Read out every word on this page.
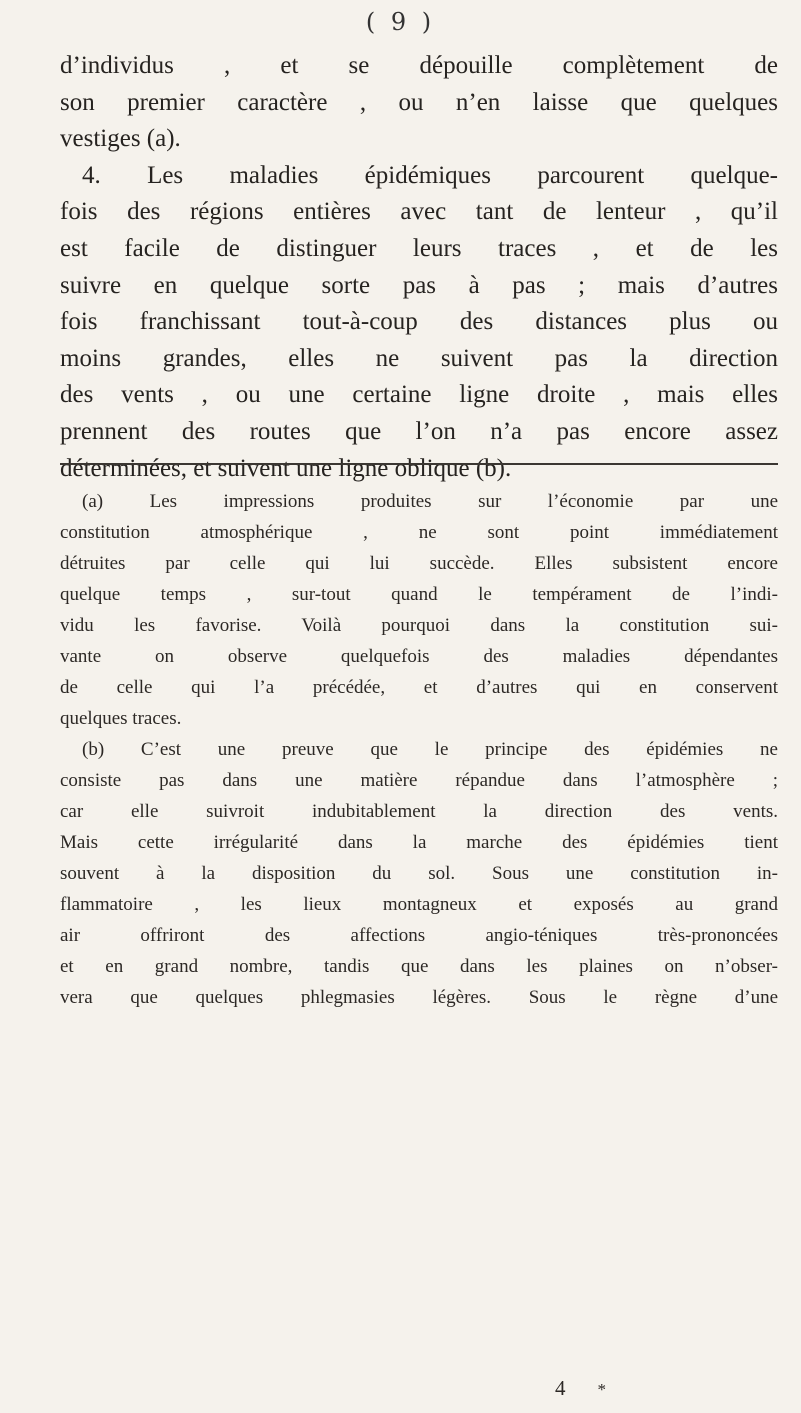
( 9 )
d’individus , et se dépouille complètement de
son premier caractère , ou n’en laisse que quelques
vestiges (a).
4. Les maladies épidémiques parcourent quelque-
fois des régions entières avec tant de lenteur , qu’il
est facile de distinguer leurs traces , et de les
suivre en quelque sorte pas à pas ; mais d’autres
fois franchissant tout-à-coup des distances plus ou
moins grandes, elles ne suivent pas la direction
des vents , ou une certaine ligne droite , mais elles
prennent des routes que l’on n’a pas encore assez
déterminées, et suivent une ligne oblique (b).
(a) Les impressions produites sur l’économie par une
constitution atmosphérique , ne sont point immédiatement
détruites par celle qui lui succède. Elles subsistent encore
quelque temps , sur-tout quand le tempérament de l’indi-
vidu les favorise. Voilà pourquoi dans la constitution sui-
vante on observe quelquefois des maladies dépendantes
de celle qui l’a précédée, et d’autres qui en conservent
quelques traces.
(b) C’est une preuve que le principe des épidémies ne
consiste pas dans une matière répandue dans l’atmosphère ;
car elle suivroit indubitablement la direction des vents.
Mais cette irrégularité dans la marche des épidémies tient
souvent à la disposition du sol. Sous une constitution in-
flammatoire , les lieux montagneux et exposés au grand
air offriront des affections angio-téniques très-prononcées
et en grand nombre, tandis que dans les plaines on n’obser-
vera que quelques phlegmasies légères. Sous le règne d’une
4 *
